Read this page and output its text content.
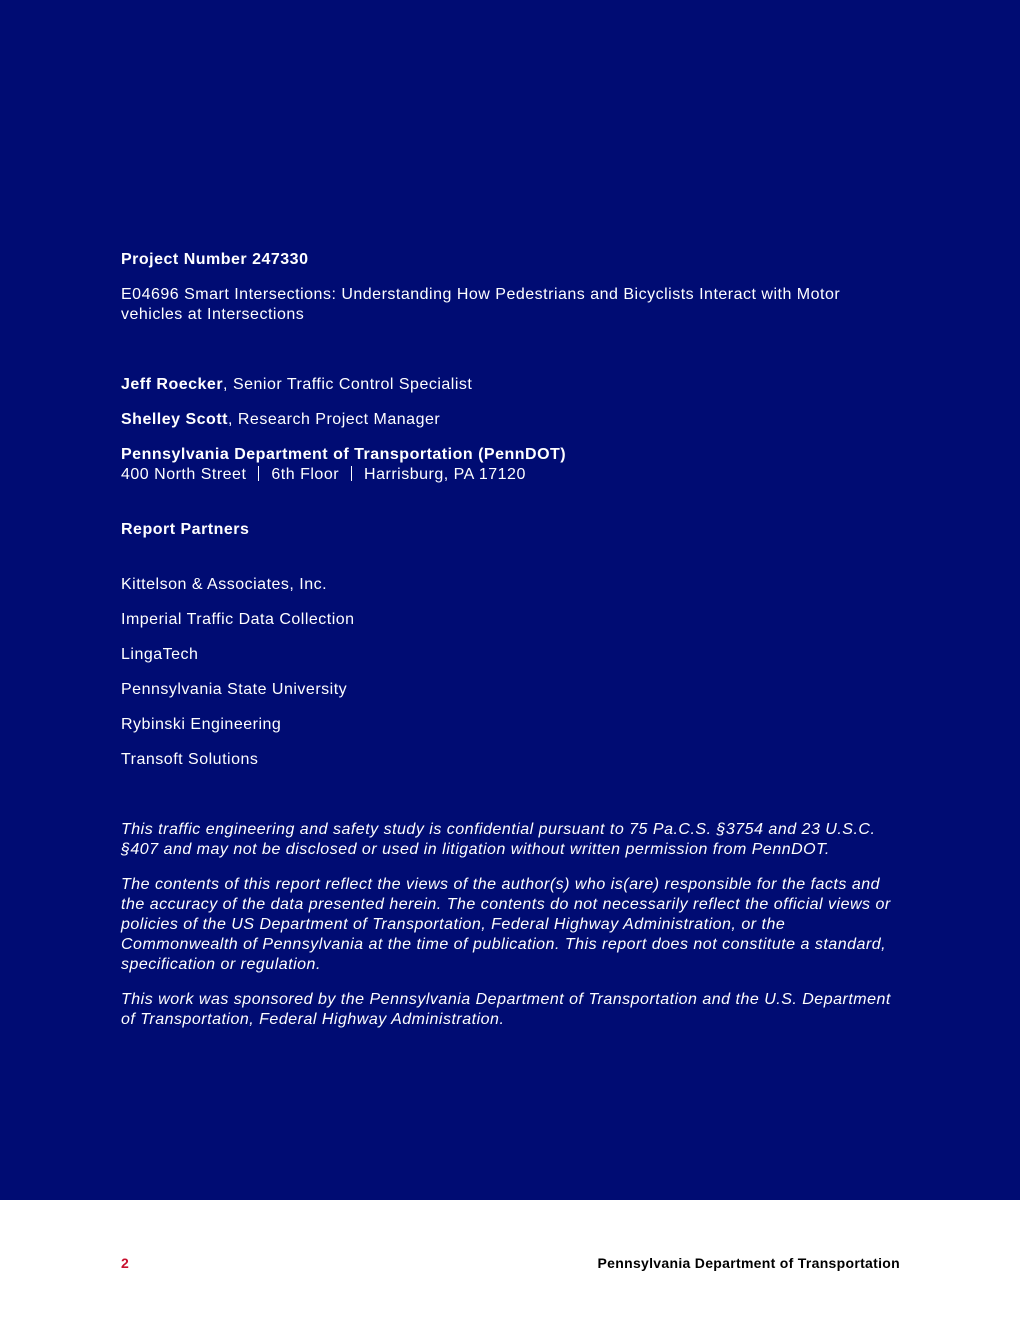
Project Number 247330
E04696 Smart Intersections: Understanding How Pedestrians and Bicyclists Interact with Motor vehicles at Intersections
Jeff Roecker, Senior Traffic Control Specialist
Shelley Scott, Research Project Manager
Pennsylvania Department of Transportation (PennDOT)
400 North Street 6th Floor Harrisburg, PA 17120
Report Partners
Kittelson & Associates, Inc.
Imperial Traffic Data Collection
LingaTech
Pennsylvania State University
Rybinski Engineering
Transoft Solutions
This traffic engineering and safety study is confidential pursuant to 75 Pa.C.S. §3754 and 23 U.S.C. §407 and may not be disclosed or used in litigation without written permission from PennDOT.
The contents of this report reflect the views of the author(s) who is(are) responsible for the facts and the accuracy of the data presented herein. The contents do not necessarily reflect the official views or policies of the US Department of Transportation, Federal Highway Administration, or the Commonwealth of Pennsylvania at the time of publication. This report does not constitute a standard, specification or regulation.
This work was sponsored by the Pennsylvania Department of Transportation and the U.S. Department of Transportation, Federal Highway Administration.
2	Pennsylvania Department of Transportation
